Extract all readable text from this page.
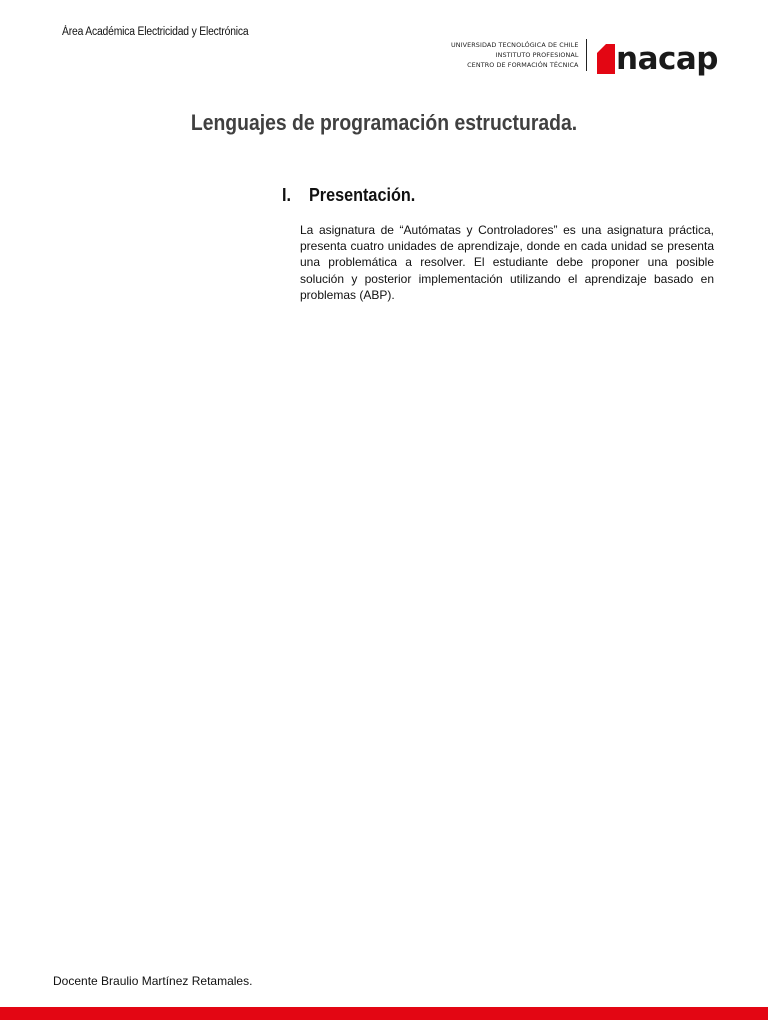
Área Académica Electricidad y Electrónica
UNIVERSIDAD TECNOLÓGICA DE CHILE
INSTITUTO PROFESIONAL
CENTRO DE FORMACIÓN TÉCNICA nacap
Lenguajes de programación estructurada.
I. Presentación.
La asignatura de “Autómatas y Controladores” es una asignatura práctica, presenta cuatro unidades de aprendizaje, donde en cada unidad se presenta una problemática a resolver. El estudiante debe proponer una posible solución y posterior implementación utilizando el aprendizaje basado en problemas (ABP).
Docente Braulio Martínez Retamales.
